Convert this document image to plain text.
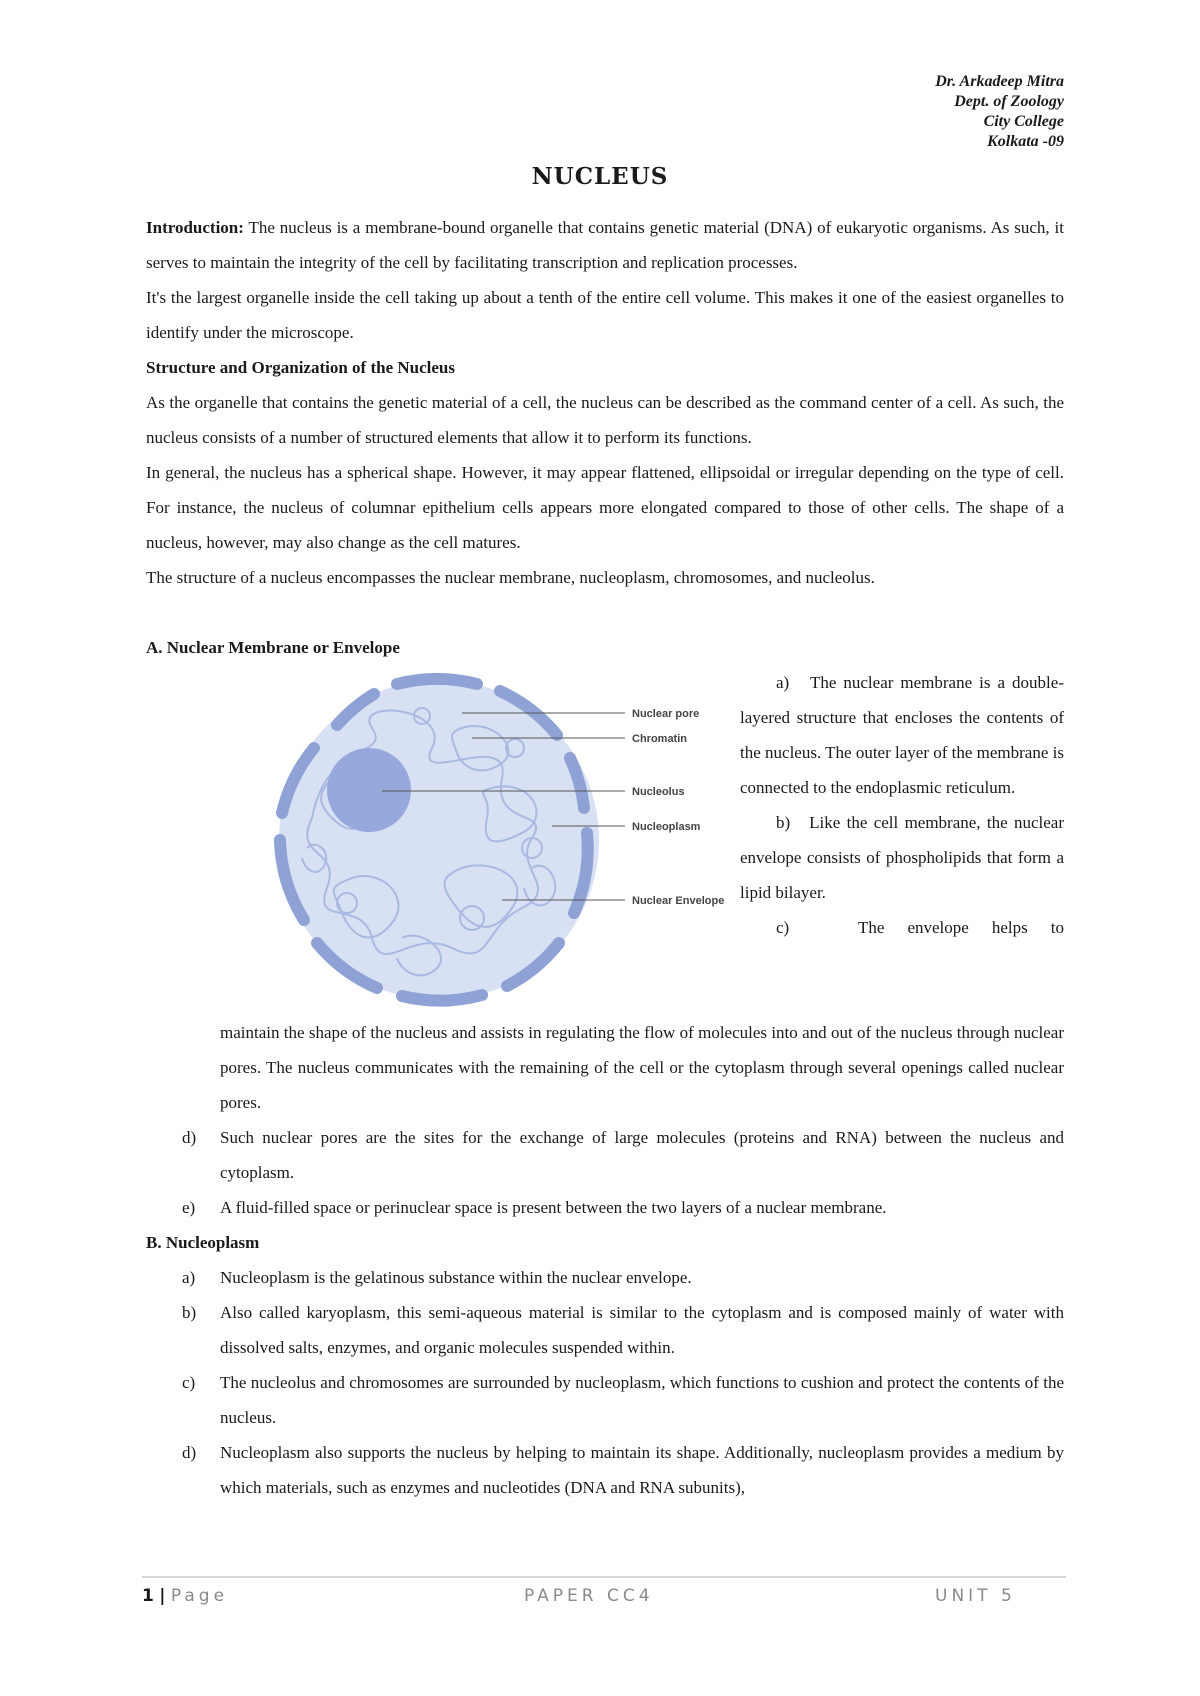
Dr. Arkadeep Mitra
Dept. of Zoology
City College
Kolkata -09
NUCLEUS

Introduction: The nucleus is a membrane-bound organelle that contains genetic material (DNA) of eukaryotic organisms. As such, it serves to maintain the integrity of the cell by facilitating transcription and replication processes.

It's the largest organelle inside the cell taking up about a tenth of the entire cell volume. This makes it one of the easiest organelles to identify under the microscope.

Structure and Organization of the Nucleus

As the organelle that contains the genetic material of a cell, the nucleus can be described as the command center of a cell. As such, the nucleus consists of a number of structured elements that allow it to perform its functions.

In general, the nucleus has a spherical shape. However, it may appear flattened, ellipsoidal or irregular depending on the type of cell. For instance, the nucleus of columnar epithelium cells appears more elongated compared to those of other cells. The shape of a nucleus, however, may also change as the cell matures.

The structure of a nucleus encompasses the nuclear membrane, nucleoplasm, chromosomes, and nucleolus.

A. Nuclear Membrane or Envelope

Nuclear pore
Chromatin
Nucleolus
Nucleoplasm
Nuclear Envelope

a) The nuclear membrane is a double-layered structure that encloses the contents of the nucleus. The outer layer of the membrane is connected to the endoplasmic reticulum.

b) Like the cell membrane, the nuclear envelope consists of phospholipids that form a lipid bilayer.

c)	The envelope helps to

maintain the shape of the nucleus and assists in regulating the flow of molecules into and out of the nucleus through nuclear pores. The nucleus communicates with the remaining of the cell or the cytoplasm through several openings called nuclear pores.

d) Such nuclear pores are the sites for the exchange of large molecules (proteins and RNA) between the nucleus and cytoplasm.
e) A fluid-filled space or perinuclear space is present between the two layers of a nuclear membrane.

B. Nucleoplasm

a) Nucleoplasm is the gelatinous substance within the nuclear envelope.
b) Also called karyoplasm, this semi-aqueous material is similar to the cytoplasm and is composed mainly of water with dissolved salts, enzymes, and organic molecules suspended within.
c) The nucleolus and chromosomes are surrounded by nucleoplasm, which functions to cushion and protect the contents of the nucleus.
d) Nucleoplasm also supports the nucleus by helping to maintain its shape. Additionally, nucleoplasm provides a medium by which materials, such as enzymes and nucleotides (DNA and RNA subunits),
1 | Page	PAPER CC4	UNIT 5
